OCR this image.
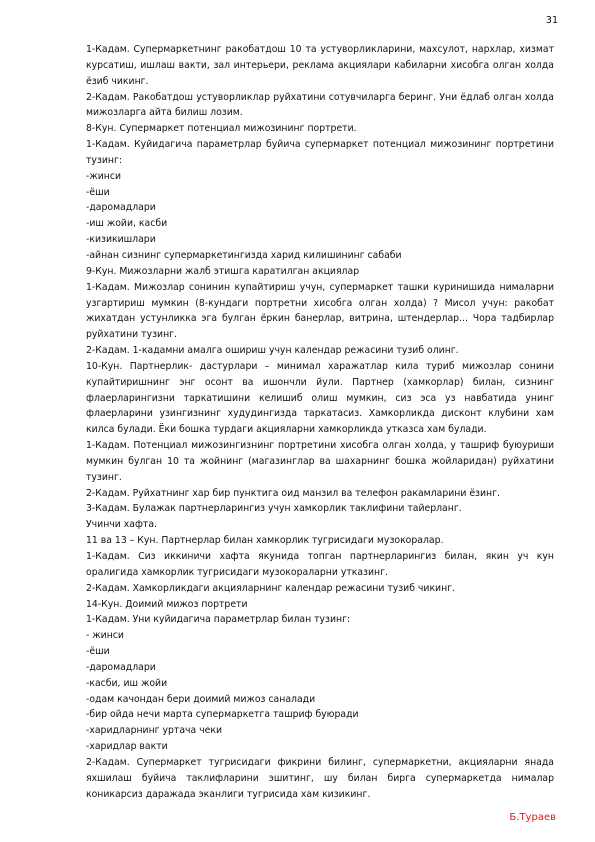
31

1-Кадам. Супермаркетнинг ракобатдош 10 та устуворликларини, махсулот, нархлар, хизмат курсатиш, ишлаш вакти, зал интерьери, реклама акциялари кабиларни хисобга олган холда ёзиб чикинг.

2-Кадам. Ракобатдош устуворликлар руйхатини сотувчиларга беринг. Уни ёдлаб олган холда мижозларга айта билиш лозим.

8-Кун. Супермаркет потенциал мижозининг портрети.

1-Кадам. Куйидагича параметрлар буйича супермаркет потенциал мижозининг портретини тузинг:

-жинси

-ёши

-даромадлари

-иш жойи, касби

-кизикишлари

-айнан сизнинг супермаркетингизда харид килишининг сабаби

9-Кун. Мижозларни жалб этишга каратилган акциялар

1-Кадам. Мижозлар сонинин купайтириш учун, супермаркет ташки куринишида нималарни узгартириш мумкин (8-кундаги портретни хисобга олган холда) ? Мисол учун: ракобат жихатдан устунликка эга булган ёркин банерлар, витрина, штендерлар... Чора тадбирлар руйхатини тузинг.

2-Кадам. 1-кадамни амалга ошириш учун календар режасини тузиб олинг.

10-Кун. Партнерлик- дастурлари – минимал харажатлар кила туриб мижозлар сонини купайтиришнинг энг осонт ва ишончли йули. Партнер (хамкорлар) билан, сизнинг флаерларингизни таркатишини келишиб олиш мумкин, сиз эса уз навбатида унинг флаерларини узингизнинг худудингизда таркатасиз. Хамкорликда дисконт клубини хам килса булади. Ёки бошка турдаги акцияларни хамкорликда утказса хам булади.

1-Кадам. Потенциал мижозингизнинг портретини хисобга олган холда, у ташриф буюуриши мумкин булган 10 та жойнинг (магазинглар ва шахарнинг бошка жойларидан) руйхатини тузинг.

2-Кадам. Руйхатнинг хар бир пунктига оид манзил ва телефон ракамларини ёзинг.

3-Кадам. Булажак партнерларингиз учун хамкорлик таклифини тайерланг.

Учинчи хафта.

11 ва 13 – Кун. Партнерлар билан хамкорлик тугрисидаги музокоралар.

1-Кадам. Сиз иккиничи хафта якунида топган партнерларингиз билан, якин уч кун оралигида хамкорлик тугрисидаги музокораларни утказинг.

2-Кадам. Хамкорликдаги акцияларнинг календар режасини тузиб чикинг.

14-Кун. Доимий мижоз портрети

1-Кадам. Уни куйидагича параметрлар билан тузинг:

- жинси

-ёши

-даромадлари

-касби, иш жойи

-одам качондан бери доимий мижоз саналади

-бир ойда нечи марта супермаркетга ташриф буюради

-харидларнинг уртача чеки

-харидлар вакти

2-Кадам. Супермаркет тугрисидаги фикрини билинг, супермаркетни, акцияларни янада яхшилаш буйича таклифларини эшитинг, шу билан бирга супермаркетда нималар коникарсиз даражада эканлиги тугрисида хам кизикинг.

Б.Тураев
